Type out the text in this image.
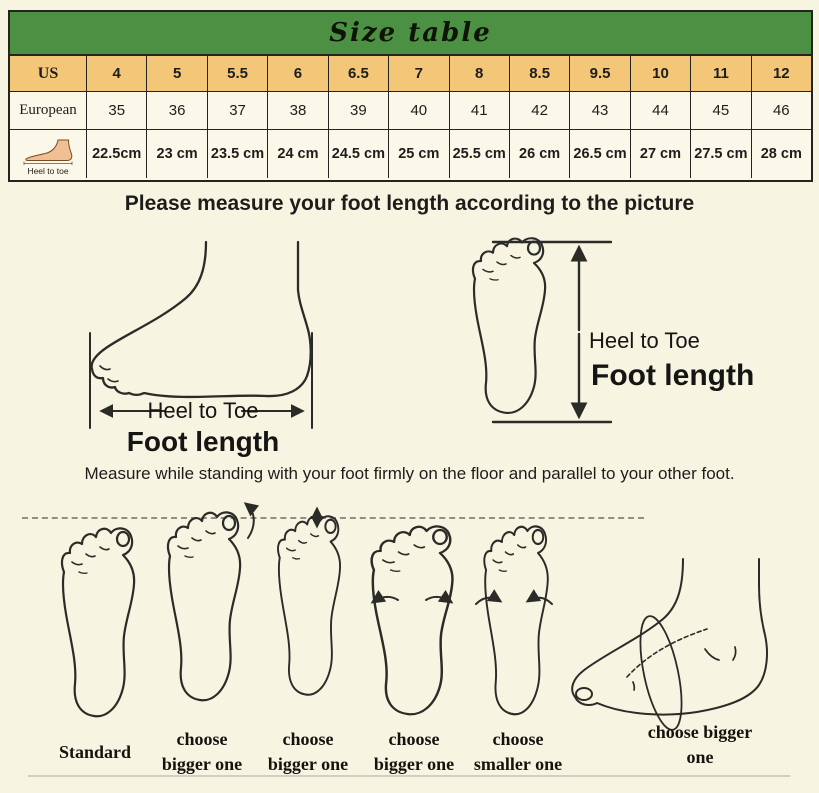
Size table
US	4	5	5.5	6	6.5	7	8	8.5	9.5	10	11	12
European	35	36	37	38	39	40	41	42	43	44	45	46
Heel to toe
22.5cm	23 cm 23.5 cm 24 cm 24.5 cm 25 cm 25.5 cm 26 cm 26.5 cm 27 cm 27.5 cm 28 cm
Please measure your foot length according to the picture
Heel to Toe
Foot length
Heel to Toe
Foot length
Measure while standing with your foot firmly on the floor and parallel to your other foot.
Standard
choose bigger one
choose bigger one
choose bigger one
choose smaller one
choose bigger one
